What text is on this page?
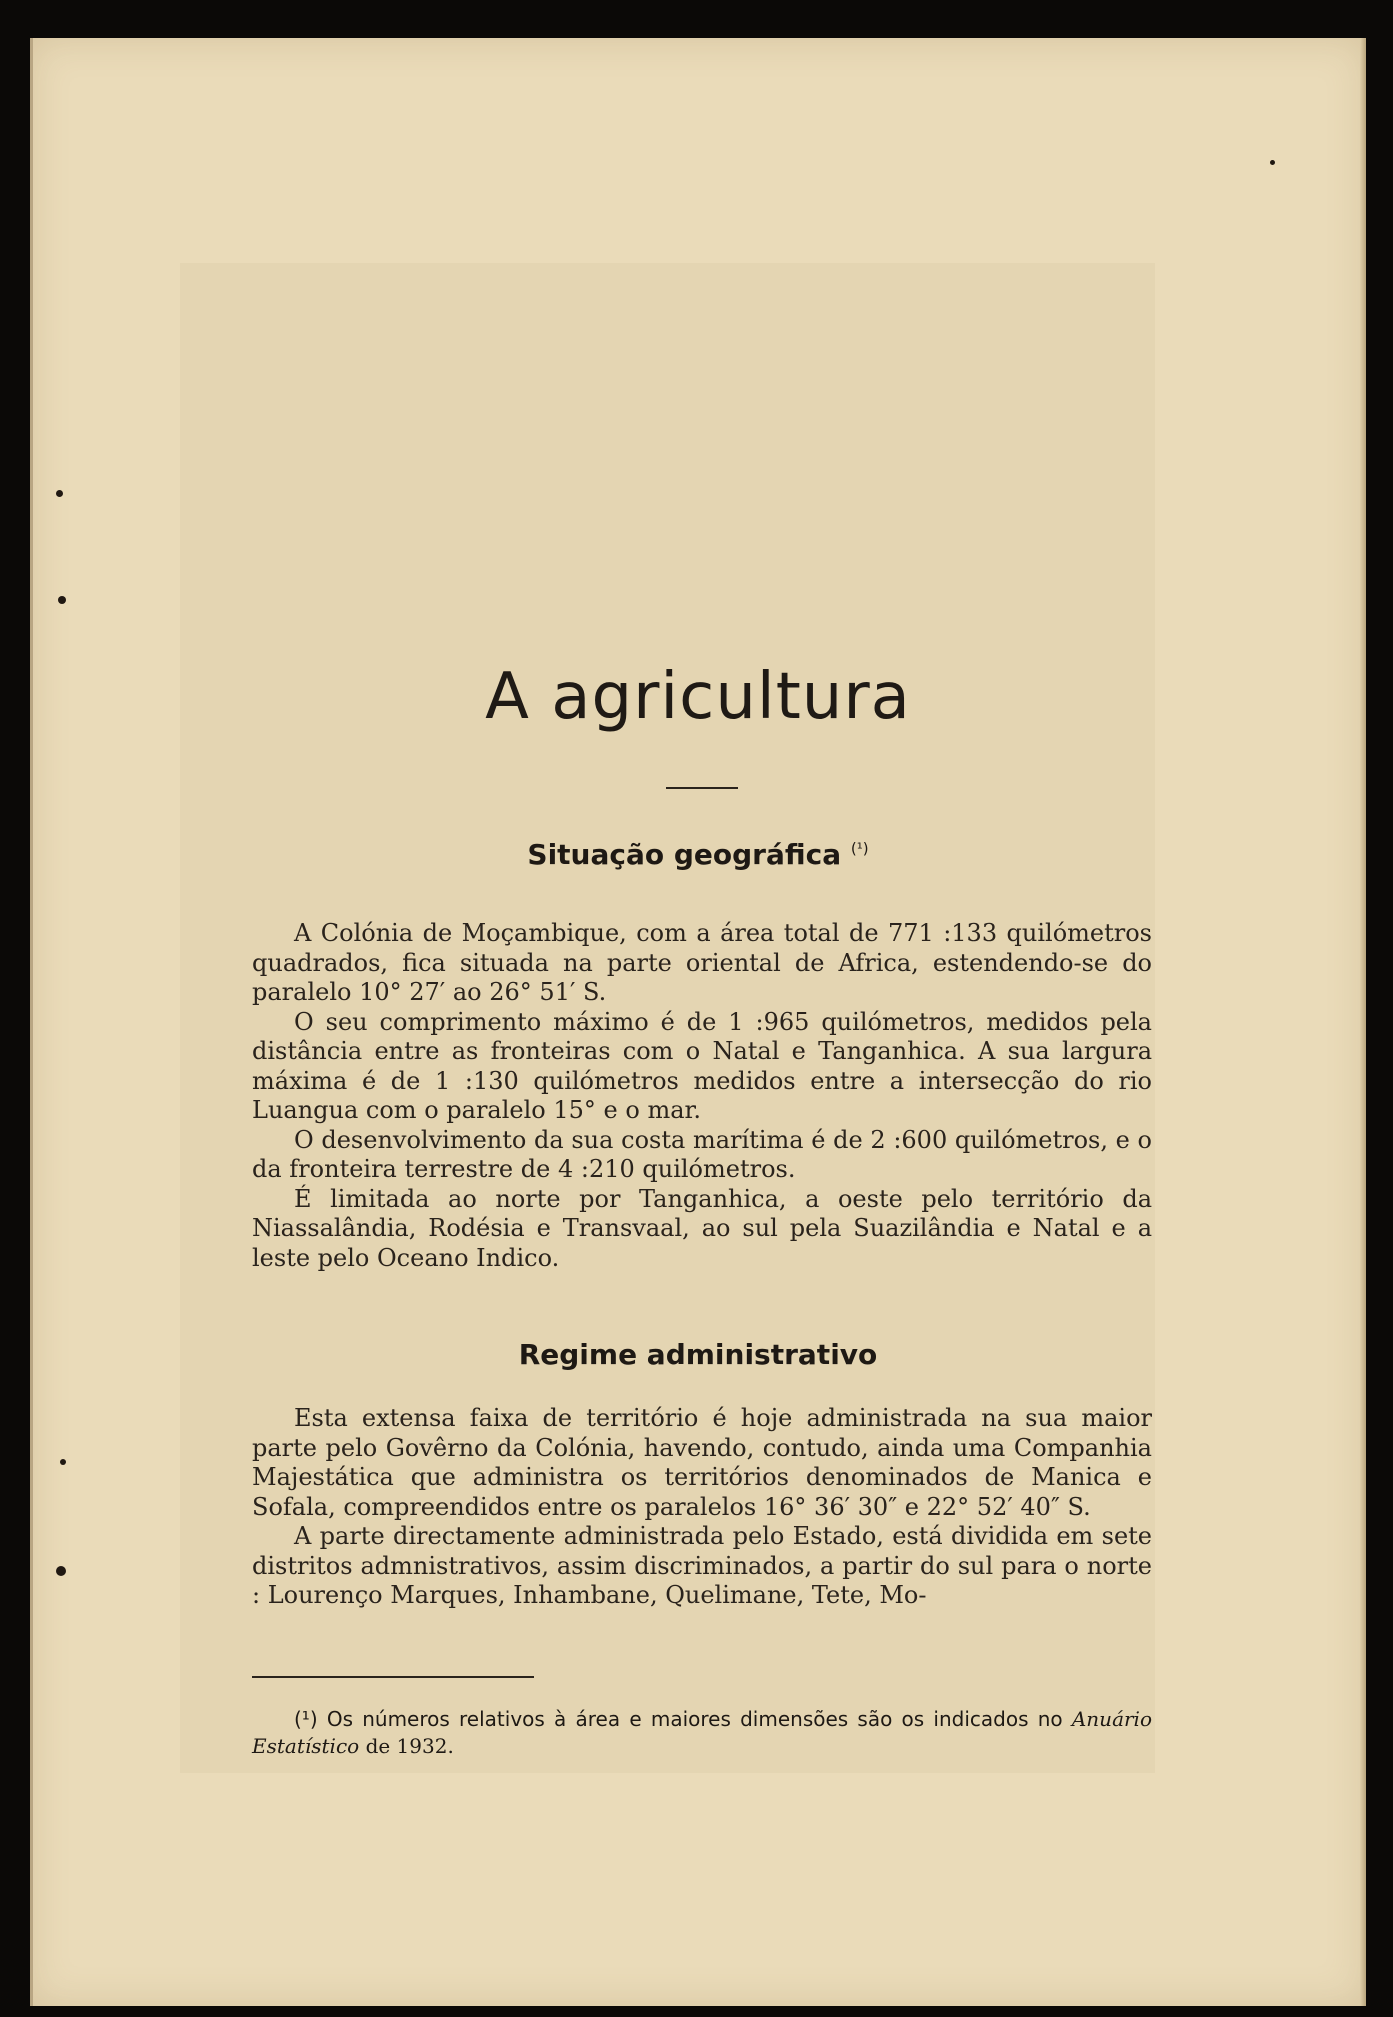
A agricultura
Situação geográfica $^{(^1)}$

A Colónia de Moçambique, com a área total de 771 :133 quilómetros quadrados, fica situada na parte oriental de Africa, estendendo-se do paralelo 10° 27′ ao 26° 51′ S.

O seu comprimento máximo é de 1 :965 quilómetros, medidos pela distância entre as fronteiras com o Natal e Tanganhica. A sua largura máxima é de 1 :130 quilómetros medidos entre a intersecção do rio Luangua com o paralelo 15° e o mar.

O desenvolvimento da sua costa marítima é de 2 :600 quilómetros, e o da fronteira terrestre de 4 :210 quilómetros.

É limitada ao norte por Tanganhica, a oeste pelo território da Niassalândia, Rodésia e Transvaal, ao sul pela Suazilândia e Natal e a leste pelo Oceano Indico.

Regime administrativo

Esta extensa faixa de território é hoje administrada na sua maior parte pelo Govêrno da Colónia, havendo, contudo, ainda uma Companhia Majestática que administra os territórios denominados de Manica e Sofala, compreendidos entre os paralelos 16° 36′ 30″ e 22° 52′ 40″ S.

A parte directamente administrada pelo Estado, está dividida em sete distritos admnistrativos, assim discriminados, a partir do sul para o norte : Lourenço Marques, Inhambane, Quelimane, Tete, Mo-

(¹) Os números relativos à área e maiores dimensões são os indicados no Anuário Estatístico de 1932.
